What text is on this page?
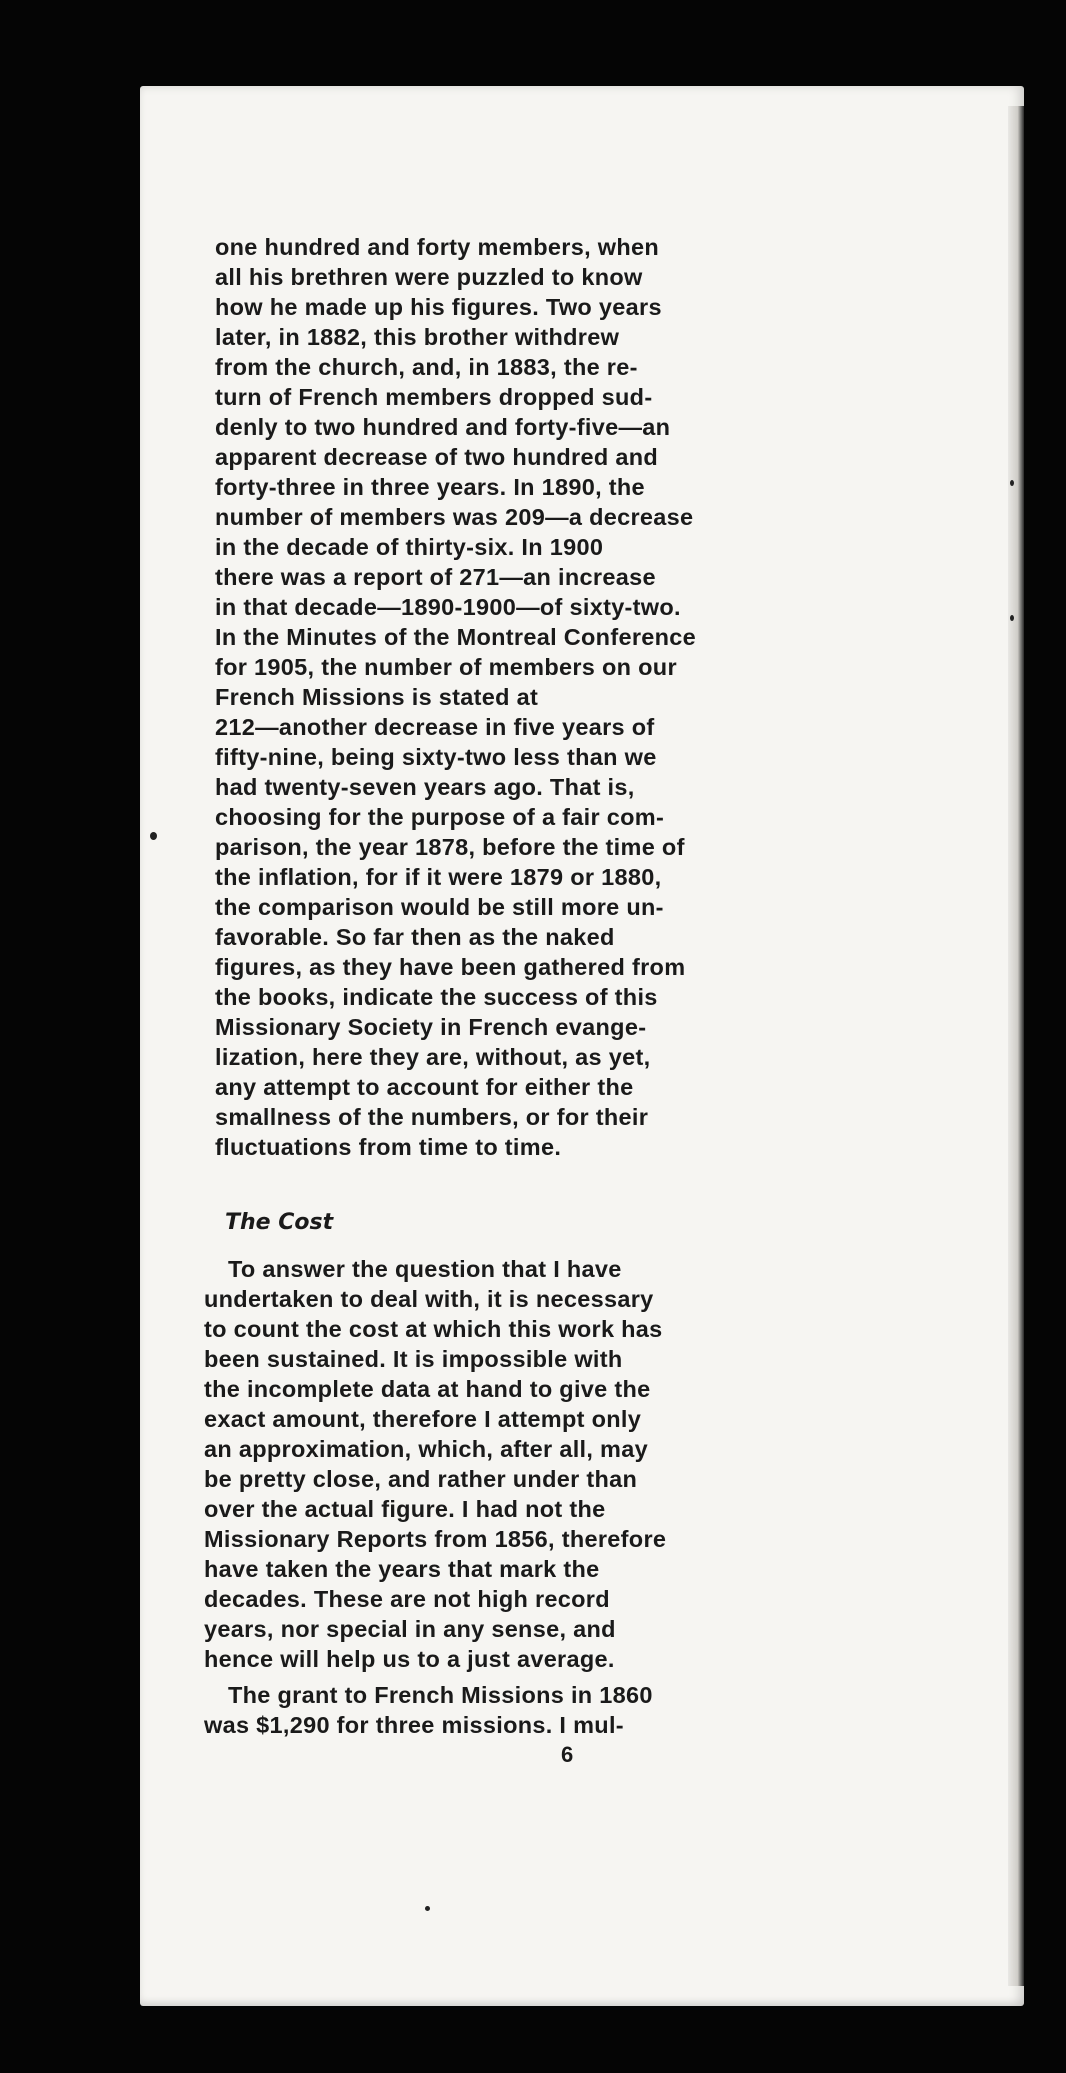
one hundred and forty members, when
all his brethren were puzzled to know
how he made up his figures. Two years
later, in 1882, this brother withdrew
from the church, and, in 1883, the re-
turn of French members dropped sud-
denly to two hundred and forty-five—an
apparent decrease of two hundred and
forty-three in three years. In 1890, the
number of members was 209—a decrease
in the decade of thirty-six. In 1900
there was a report of 271—an increase
in that decade—1890-1900—of sixty-two.
In the Minutes of the Montreal Conference
for 1905, the number of members on our
French Missions is stated at
212—another decrease in five years of
fifty-nine, being sixty-two less than we
had twenty-seven years ago. That is,
choosing for the purpose of a fair com-
parison, the year 1878, before the time of
the inflation, for if it were 1879 or 1880,
the comparison would be still more un-
favorable. So far then as the naked
figures, as they have been gathered from
the books, indicate the success of this
Missionary Society in French evange-
lization, here they are, without, as yet,
any attempt to account for either the
smallness of the numbers, or for their
fluctuations from time to time.

The Cost

To answer the question that I have
undertaken to deal with, it is necessary
to count the cost at which this work has
been sustained. It is impossible with
the incomplete data at hand to give the
exact amount, therefore I attempt only
an approximation, which, after all, may
be pretty close, and rather under than
over the actual figure. I had not the
Missionary Reports from 1856, therefore
have taken the years that mark the
decades. These are not high record
years, nor special in any sense, and
hence will help us to a just average.

The grant to French Missions in 1860
was $1,290 for three missions. I mul-

6
